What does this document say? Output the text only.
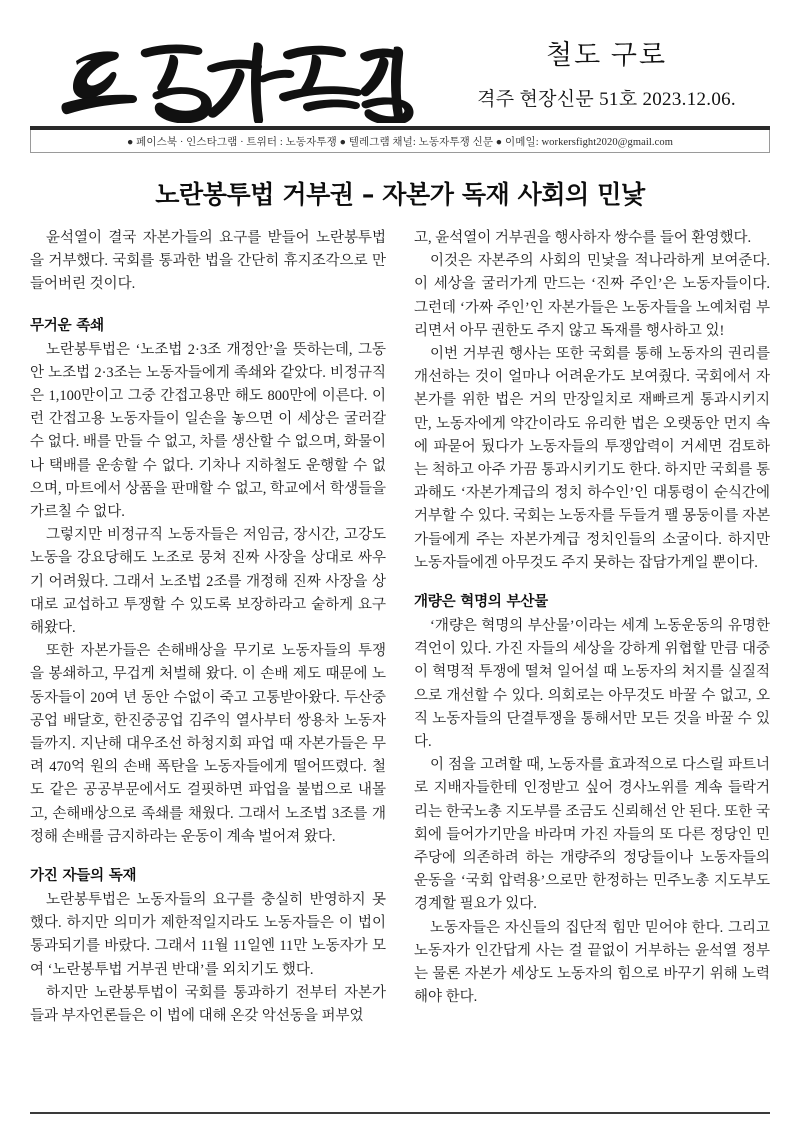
철도 구로
격주 현장신문 51호 2023.12.06.
● 페이스북 · 인스타그램 · 트위터 : 노동자투쟁 ● 텔레그램 채널: 노동자투쟁 신문 ● 이메일: workersfight2020@gmail.com
노란봉투법 거부권 – 자본가 독재 사회의 민낯

윤석열이 결국 자본가들의 요구를 받들어 노란봉투법을 거부했다. 국회를 통과한 법을 간단히 휴지조각으로 만들어버린 것이다.

무거운 족쇄

노란봉투법은 ‘노조법 2·3조 개정안’을 뜻하는데, 그동안 노조법 2·3조는 노동자들에게 족쇄와 같았다. 비정규직은 1,100만이고 그중 간접고용만 해도 800만에 이른다. 이런 간접고용 노동자들이 일손을 놓으면 이 세상은 굴러갈 수 없다. 배를 만들 수 없고, 차를 생산할 수 없으며, 화물이나 택배를 운송할 수 없다. 기차나 지하철도 운행할 수 없으며, 마트에서 상품을 판매할 수 없고, 학교에서 학생들을 가르칠 수 없다.

그렇지만 비정규직 노동자들은 저임금, 장시간, 고강도 노동을 강요당해도 노조로 뭉쳐 진짜 사장을 상대로 싸우기 어려웠다. 그래서 노조법 2조를 개정해 진짜 사장을 상대로 교섭하고 투쟁할 수 있도록 보장하라고 숱하게 요구해왔다.

또한 자본가들은 손해배상을 무기로 노동자들의 투쟁을 봉쇄하고, 무겁게 처벌해 왔다. 이 손배 제도 때문에 노동자들이 20여 년 동안 수없이 죽고 고통받아왔다. 두산중공업 배달호, 한진중공업 김주익 열사부터 쌍용차 노동자들까지. 지난해 대우조선 하청지회 파업 때 자본가들은 무려 470억 원의 손배 폭탄을 노동자들에게 떨어뜨렸다. 철도 같은 공공부문에서도 걸핏하면 파업을 불법으로 내몰고, 손해배상으로 족쇄를 채웠다. 그래서 노조법 3조를 개정해 손배를 금지하라는 운동이 계속 벌어져 왔다.

가진 자들의 독재

노란봉투법은 노동자들의 요구를 충실히 반영하지 못했다. 하지만 의미가 제한적일지라도 노동자들은 이 법이 통과되기를 바랐다. 그래서 11월 11일엔 11만 노동자가 모여 ‘노란봉투법 거부권 반대’를 외치기도 했다.

하지만 노란봉투법이 국회를 통과하기 전부터 자본가들과 부자언론들은 이 법에 대해 온갖 악선동을 퍼부었

고, 윤석열이 거부권을 행사하자 쌍수를 들어 환영했다.

이것은 자본주의 사회의 민낯을 적나라하게 보여준다. 이 세상을 굴러가게 만드는 ‘진짜 주인’은 노동자들이다. 그런데 ‘가짜 주인’인 자본가들은 노동자들을 노예처럼 부리면서 아무 권한도 주지 않고 독재를 행사하고 있!

이번 거부권 행사는 또한 국회를 통해 노동자의 권리를 개선하는 것이 얼마나 어려운가도 보여줬다. 국회에서 자본가를 위한 법은 거의 만장일치로 재빠르게 통과시키지만, 노동자에게 약간이라도 유리한 법은 오랫동안 먼지 속에 파묻어 뒀다가 노동자들의 투쟁압력이 거세면 검토하는 척하고 아주 가끔 통과시키기도 한다. 하지만 국회를 통과해도 ‘자본가계급의 정치 하수인’인 대통령이 순식간에 거부할 수 있다. 국회는 노동자를 두들겨 팰 몽둥이를 자본가들에게 주는 자본가계급 정치인들의 소굴이다. 하지만 노동자들에겐 아무것도 주지 못하는 잡담가게일 뿐이다.

개량은 혁명의 부산물

‘개량은 혁명의 부산물’이라는 세계 노동운동의 유명한 격언이 있다. 가진 자들의 세상을 강하게 위협할 만큼 대중이 혁명적 투쟁에 떨쳐 일어설 때 노동자의 처지를 실질적으로 개선할 수 있다. 의회로는 아무것도 바꿀 수 없고, 오직 노동자들의 단결투쟁을 통해서만 모든 것을 바꿀 수 있다.

이 점을 고려할 때, 노동자를 효과적으로 다스릴 파트너로 지배자들한테 인정받고 싶어 경사노위를 계속 들락거리는 한국노총 지도부를 조금도 신뢰해선 안 된다. 또한 국회에 들어가기만을 바라며 가진 자들의 또 다른 정당인 민주당에 의존하려 하는 개량주의 정당들이나 노동자들의 운동을 ‘국회 압력용’으로만 한정하는 민주노총 지도부도 경계할 필요가 있다.

노동자들은 자신들의 집단적 힘만 믿어야 한다. 그리고 노동자가 인간답게 사는 걸 끝없이 거부하는 윤석열 정부는 물론 자본가 세상도 노동자의 힘으로 바꾸기 위해 노력해야 한다.
